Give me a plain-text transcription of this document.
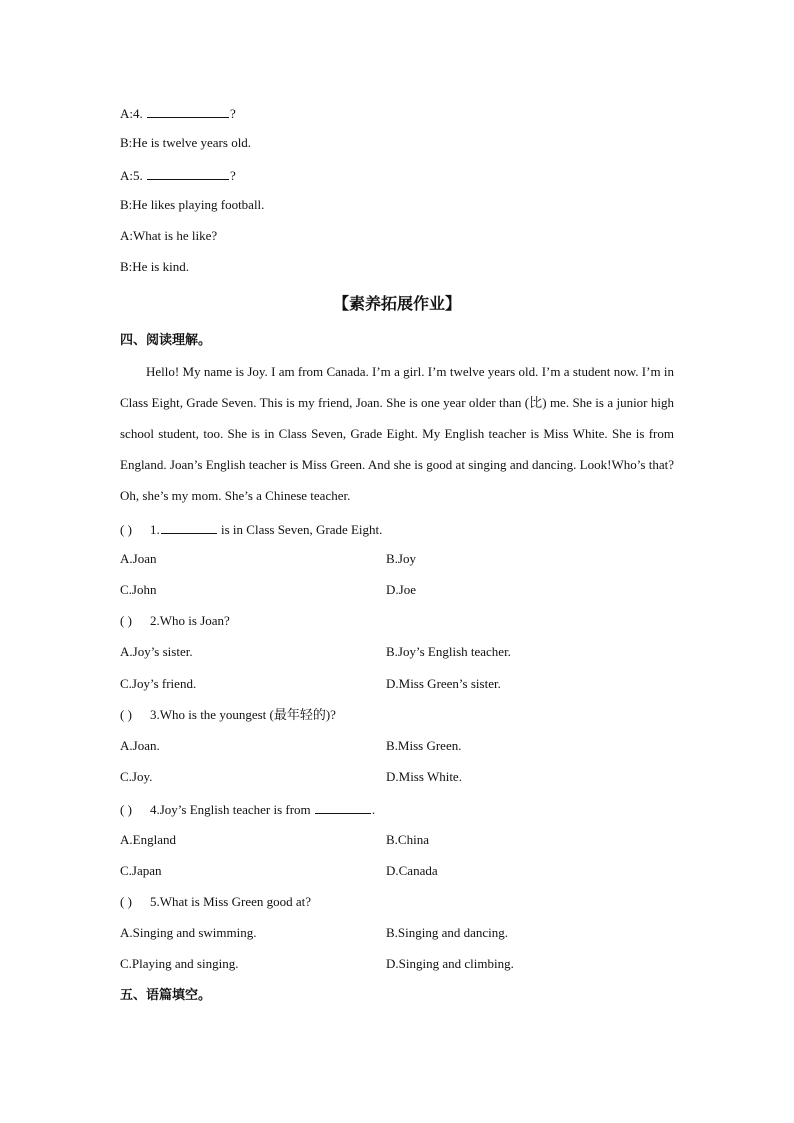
A:4.	?
B:He is twelve years old.
A:5.	?
B:He likes playing football.
A:What is he like?
B:He is kind.
【素养拓展作业】
四、阅读理解。
Hello! My name is Joy. I am from Canada. I’m a girl. I’m twelve years old. I’m a student now. I’m in Class Eight, Grade Seven. This is my friend, Joan. She is one year older than (比) me. She is a junior high school student, too. She is in Class Seven, Grade Eight. My English teacher is Miss White. She is from England. Joan’s English teacher is Miss Green. And she is good at singing and dancing. Look!Who’s that? Oh, she’s my mom. She’s a Chinese teacher.
( ) 1.	is in Class Seven, Grade Eight.
A.Joan	B.Joy
C.John	D.Joe
( ) 2.Who is Joan?
A.Joy’s sister.	B.Joy’s English teacher.
C.Joy’s friend.	D.Miss Green’s sister.
( ) 3.Who is the youngest (最年轻的)?
A.Joan.	B.Miss Green.
C.Joy.	D.Miss White.
( ) 4.Joy’s English teacher is from	.
A.England	B.China
C.Japan	D.Canada
( ) 5.What is Miss Green good at?
A.Singing and swimming.	B.Singing and dancing.
C.Playing and singing.	D.Singing and climbing.
五、语篇填空。
